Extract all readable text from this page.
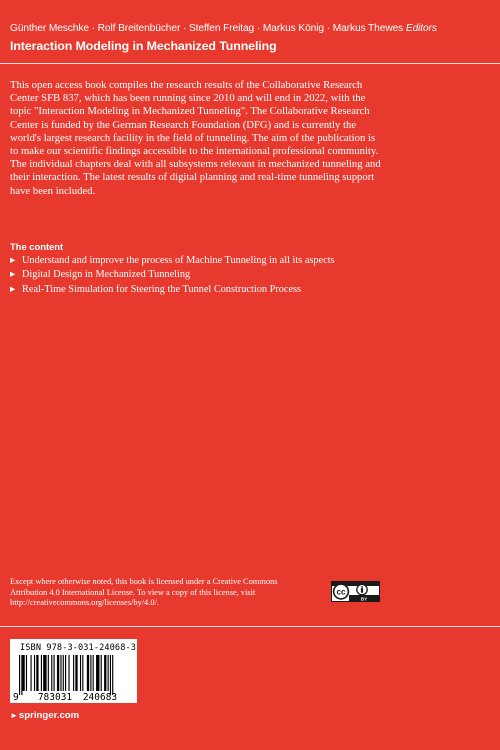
Günther Meschke · Rolf Breitenbücher · Steffen Freitag · Markus König · Markus Thewes Editors
Interaction Modeling in Mechanized Tunneling

This open access book compiles the research results of the Collaborative Research Center SFB 837, which has been running since 2010 and will end in 2022, with the topic "Interaction Modeling in Mechanized Tunneling". The Collaborative Research Center is funded by the German Research Foundation (DFG) and is currently the world's largest research facility in the field of tunneling. The aim of the publication is to make our scientific findings accessible to the international professional community. The individual chapters deal with all subsystems relevant in mechanized tunneling and their interaction. The latest results of digital planning and real-time tunneling support have been included.

The content
▸ Understand and improve the process of Machine Tunneling in all its aspects
▸ Digital Design in Mechanized Tunneling
▸ Real-Time Simulation for Steering the Tunnel Construction Process

Except where otherwise noted, this book is licensed under a Creative Commons Attribution 4.0 International License. To view a copy of this license, visit http://creativecommons.org/licenses/by/4.0/.

cc
BY
ISBN 978-3-031-24068-3
9 783031 240683
►springer.com
